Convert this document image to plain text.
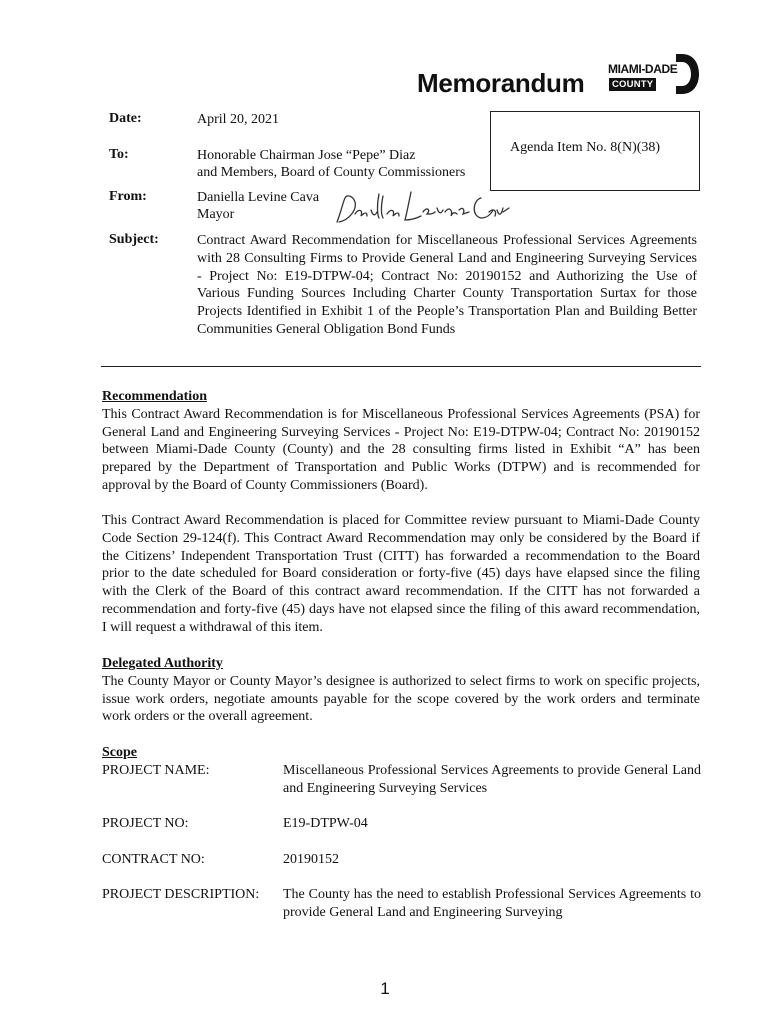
Memorandum MIAMI-DADE
COUNTY
Date:	April 20, 2021
Agenda Item No. 8(N)(38)
To:	Honorable Chairman Jose “Pepe” Diaz
and Members, Board of County Commissioners
From:	Daniella Levine Cava
Mayor
Subject:	Contract Award Recommendation for Miscellaneous Professional Services Agreements with 28 Consulting Firms to Provide General Land and Engineering Surveying Services - Project No: E19-DTPW-04; Contract No: 20190152 and Authorizing the Use of Various Funding Sources Including Charter County Transportation Surtax for those Projects Identified in Exhibit 1 of the People’s Transportation Plan and Building Better Communities General Obligation Bond Funds
Recommendation
This Contract Award Recommendation is for Miscellaneous Professional Services Agreements (PSA) for General Land and Engineering Surveying Services - Project No: E19-DTPW-04; Contract No: 20190152 between Miami-Dade County (County) and the 28 consulting firms listed in Exhibit “A” has been prepared by the Department of Transportation and Public Works (DTPW) and is recommended for approval by the Board of County Commissioners (Board).
This Contract Award Recommendation is placed for Committee review pursuant to Miami-Dade County Code Section 29-124(f). This Contract Award Recommendation may only be considered by the Board if the Citizens’ Independent Transportation Trust (CITT) has forwarded a recommendation to the Board prior to the date scheduled for Board consideration or forty-five (45) days have elapsed since the filing with the Clerk of the Board of this contract award recommendation. If the CITT has not forwarded a recommendation and forty-five (45) days have not elapsed since the filing of this award recommendation, I will request a withdrawal of this item.
Delegated Authority
The County Mayor or County Mayor’s designee is authorized to select firms to work on specific projects, issue work orders, negotiate amounts payable for the scope covered by the work orders and terminate work orders or the overall agreement.
Scope
PROJECT NAME:	Miscellaneous Professional Services Agreements to provide General Land and Engineering Surveying Services
PROJECT NO:	E19-DTPW-04
CONTRACT NO:	20190152
PROJECT DESCRIPTION: The County has the need to establish Professional Services Agreements to provide General Land and Engineering Surveying
1
